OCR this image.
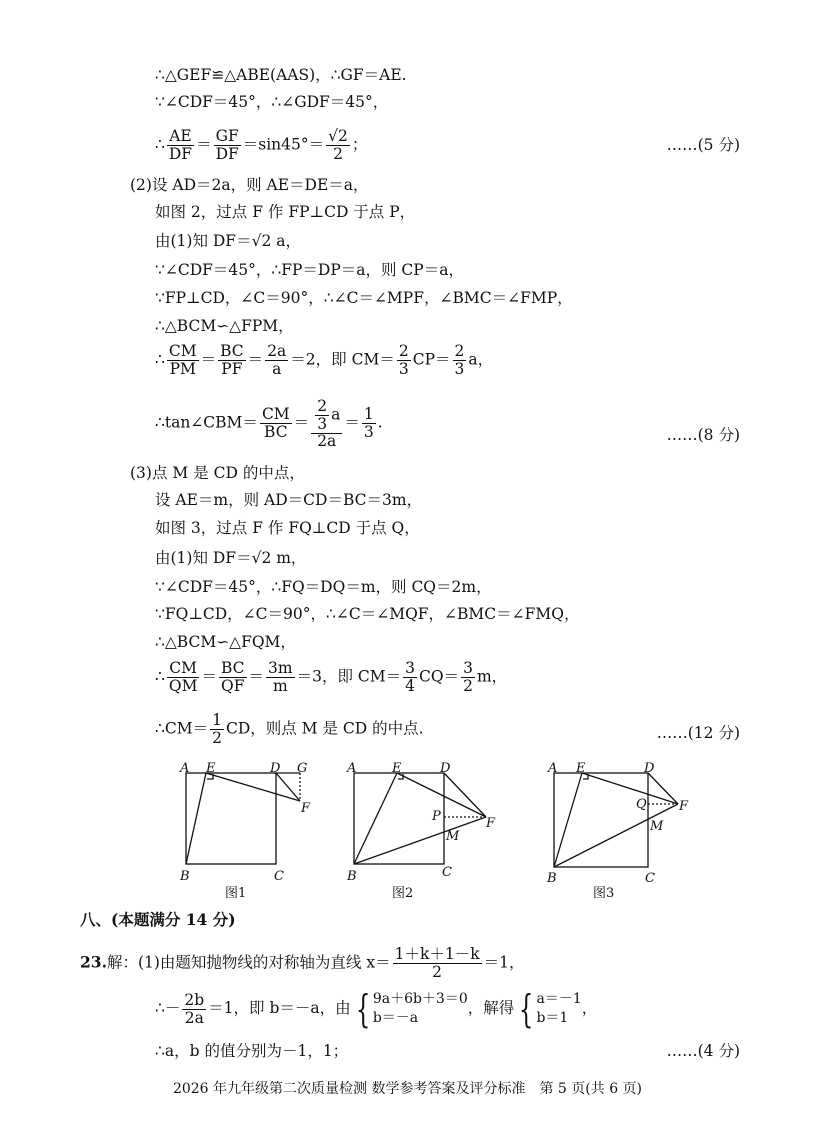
∴△GEF≌△ABE(AAS)，∴GF＝AE.
∵∠CDF＝45°，∴∠GDF＝45°，
∴ $\frac{AE}{DF} = \frac{GF}{DF} =\sin 45^\circ= \frac{√2}{2}$ ；	……(5 分)
(2)设 AD＝2a，则 AE＝DE＝a，
如图 2，过点 F 作 FP⊥CD 于点 P，
由(1)知 DF＝√2 a，
∵∠CDF＝45°，∴FP＝DP＝a，则 CP＝a，
∵FP⊥CD，∠C＝90°，∴∠C＝∠MPF，∠BMC＝∠FMP，
∴△BCM∽△FPM，
∴ $\frac{CM}{PM} = \frac{BC}{PF} = \frac{2a}{a} =2$，即 $CM= \frac{2}{3} CP= \frac{2}{3}$ a，
∴tan∠CBM＝ $\frac{CM}{BC} = \frac{\frac{2}{3} a}{2a} = \frac{1}{3}$ .
……(8 分)
(3)点 M 是 CD 的中点，
设 AE＝m，则 AD＝CD＝BC＝3m，
如图 3，过点 F 作 FQ⊥CD 于点 Q，
由(1)知 DF＝√2 m，
∵∠CDF＝45°，∴FQ＝DQ＝m，则 CQ＝2m，
∵FQ⊥CD，∠C＝90°，∴∠C＝∠MQF，∠BMC＝∠FMQ，
∴△BCM∽△FQM，
∴ $\frac{CM}{QM} = \frac{BC}{QF} = \frac{3m}{m} =3$，即 $CM= \frac{3}{4} CQ= \frac{3}{2}$ m，
∴CM＝ $\frac{1}{2}$ CD，则点 M 是 CD 的中点.	……(12 分)
A E	D G
F
B	C
图1
A	E	D
P	F
M
B	C
图2
A E	D
Q F
M
B	C
图3
八、(本题满分 14 分)
23.解：(1)由题知抛物线的对称轴为直线 $x= \frac{1+k+1-k}{2} =1$，
∴－ $\frac{2b}{2a} =1$，即 b＝－a，由 { 9a＋6b＋3＝0
b＝－a
，解得 { a＝－1
b＝1
，
∴a，b 的值分别为－1，1；	……(4 分)
2026 年九年级第二次质量检测 数学参考答案及评分标准　第 5 页(共 6 页)
